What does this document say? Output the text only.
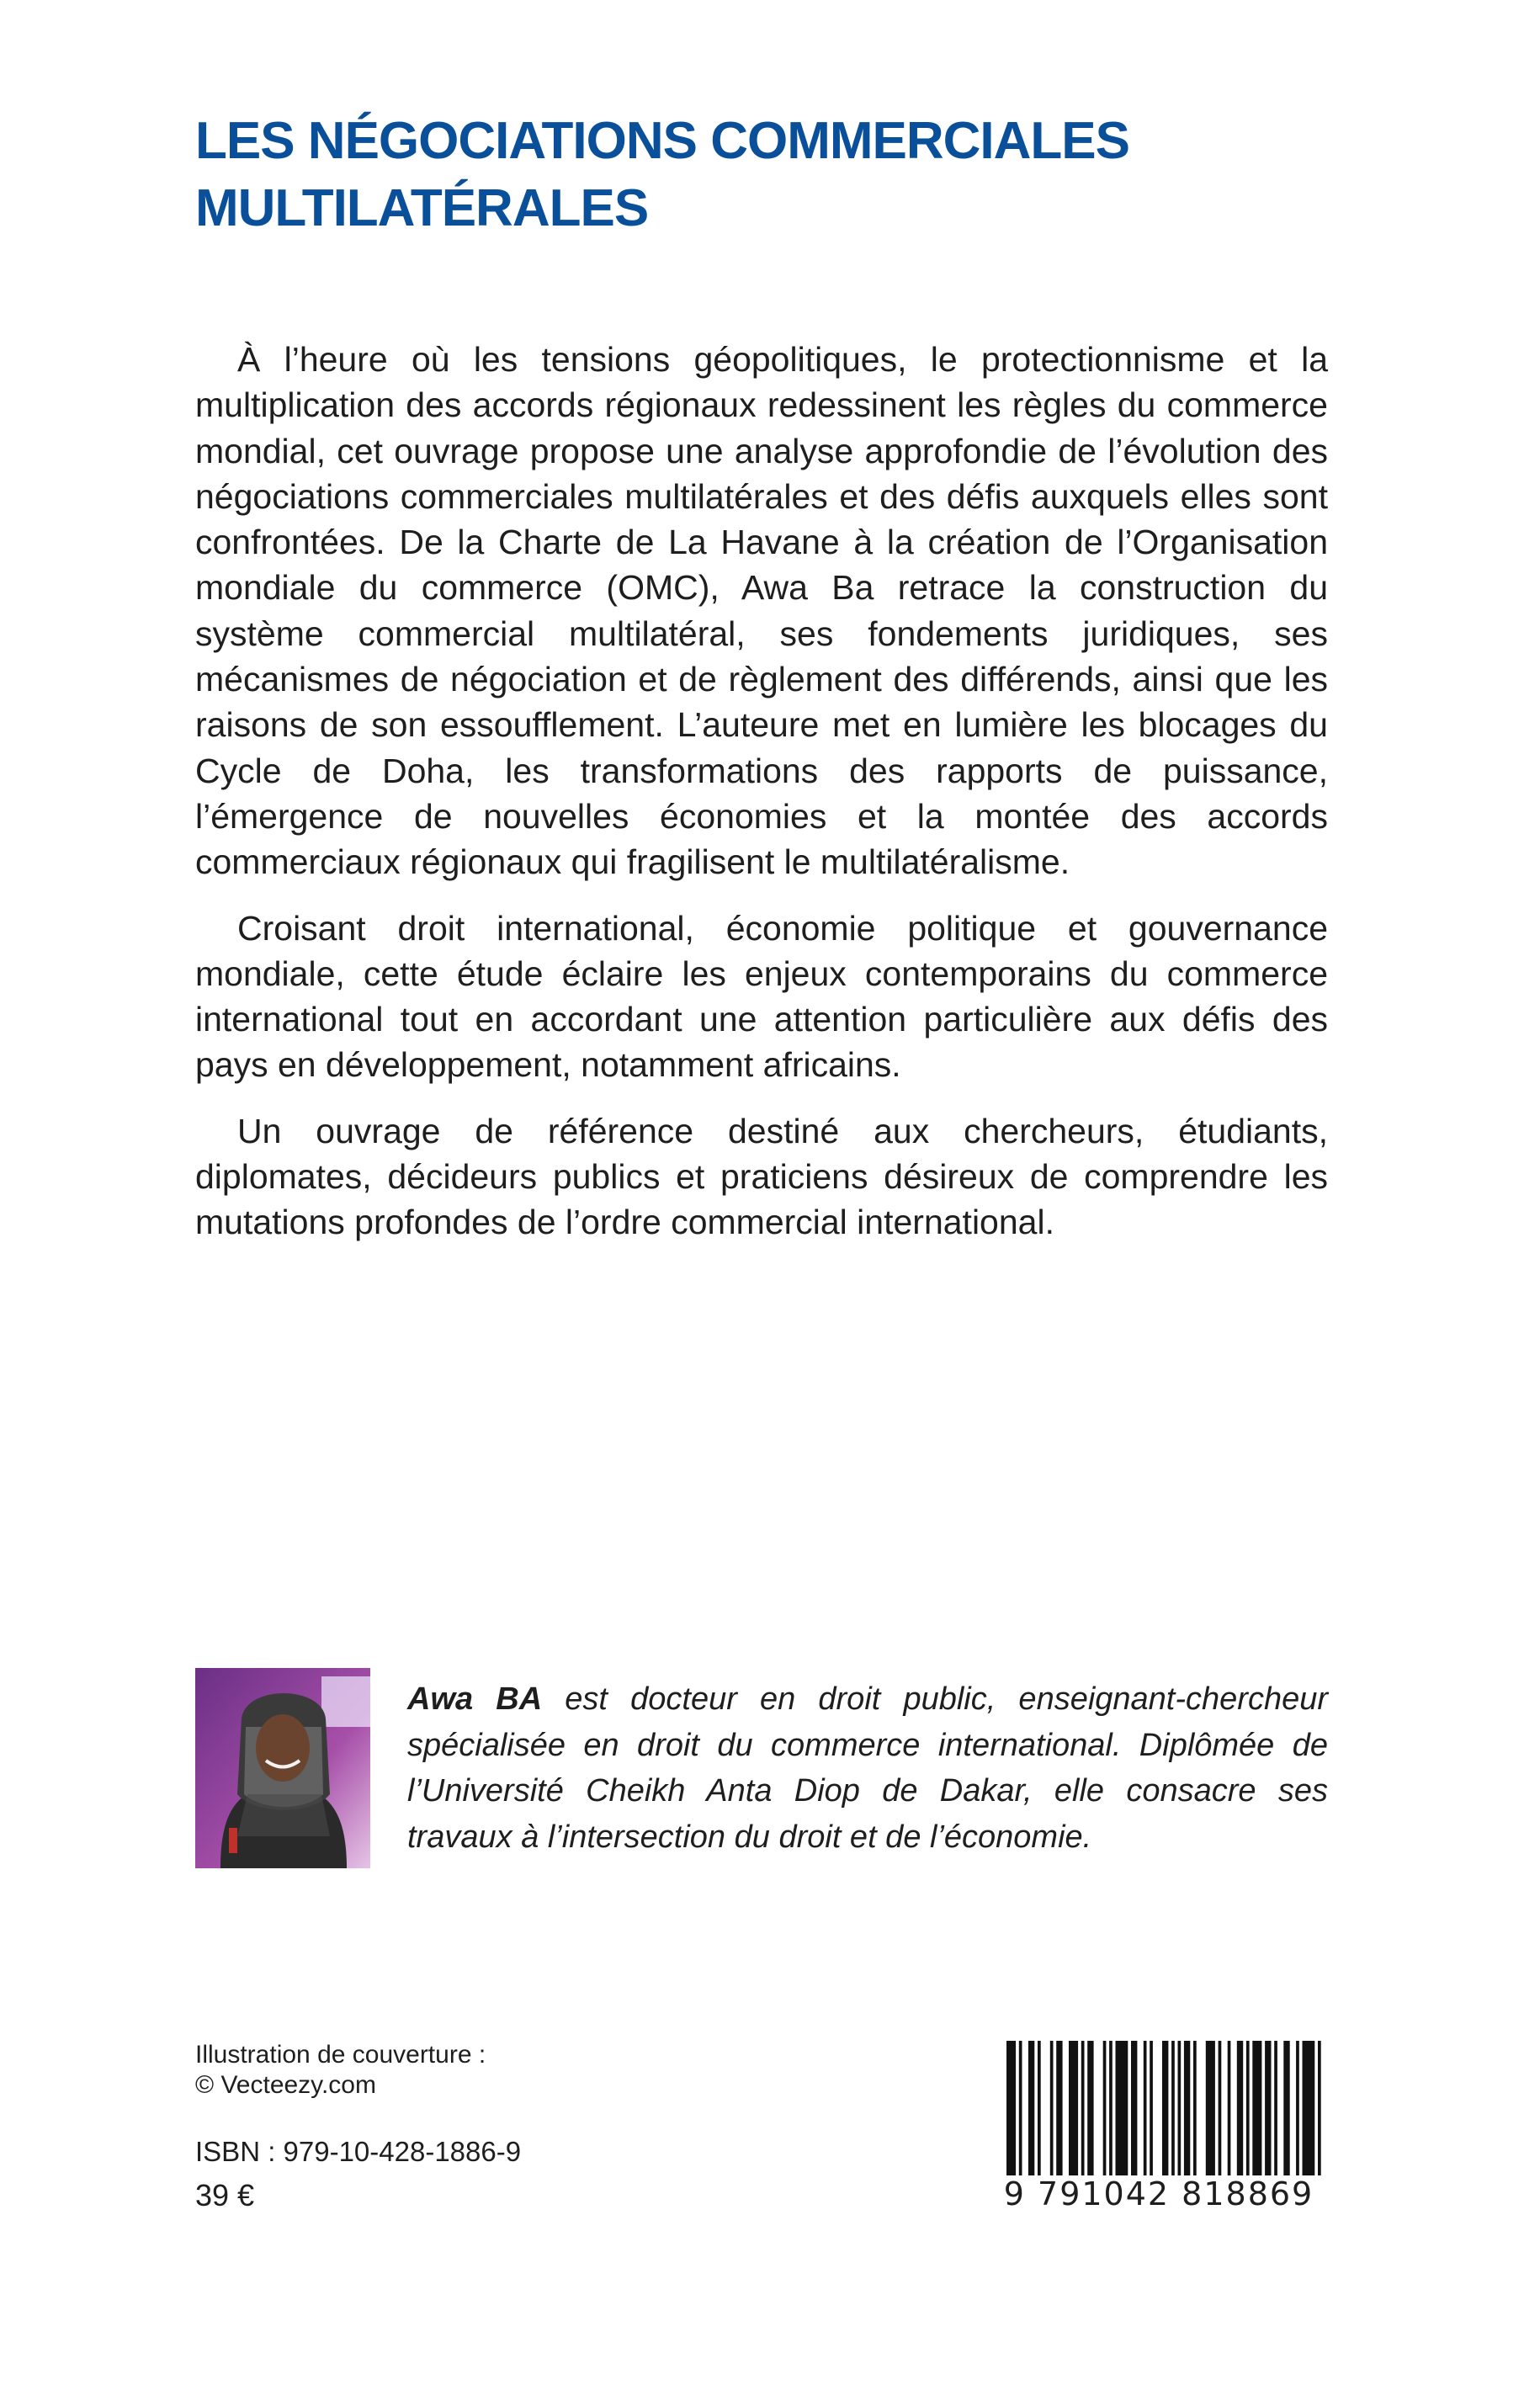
LES NÉGOCIATIONS COMMERCIALES
MULTILATÉRALES

À l’heure où les tensions géopolitiques, le protectionnisme et la multiplication des accords régionaux redessinent les règles du commerce mondial, cet ouvrage propose une analyse approfondie de l’évolution des négociations commerciales multilatérales et des défis auxquels elles sont confrontées. De la Charte de La Havane à la création de l’Organisation mondiale du commerce (OMC), Awa Ba retrace la construction du système commercial multilatéral, ses fondements juridiques, ses mécanismes de négociation et de règlement des différends, ainsi que les raisons de son essoufflement. L’auteure met en lumière les blocages du Cycle de Doha, les transformations des rapports de puissance, l’émergence de nouvelles économies et la montée des accords commerciaux régionaux qui fragilisent le multilatéralisme.

Croisant droit international, économie politique et gouvernance mondiale, cette étude éclaire les enjeux contemporains du commerce international tout en accordant une attention particulière aux défis des pays en développement, notamment africains.

Un ouvrage de référence destiné aux chercheurs, étudiants, diplomates, décideurs publics et praticiens désireux de comprendre les mutations profondes de l’ordre commercial international.

Awa BA est docteur en droit public, enseignant-chercheur spécialisée en droit du commerce international. Diplômée de l’Université Cheikh Anta Diop de Dakar, elle consacre ses travaux à l’intersection du droit et de l’économie.
Illustration de couverture :
© Vecteezy.com
ISBN : 979-10-428-1886-9
39 €	9 791042 818869
